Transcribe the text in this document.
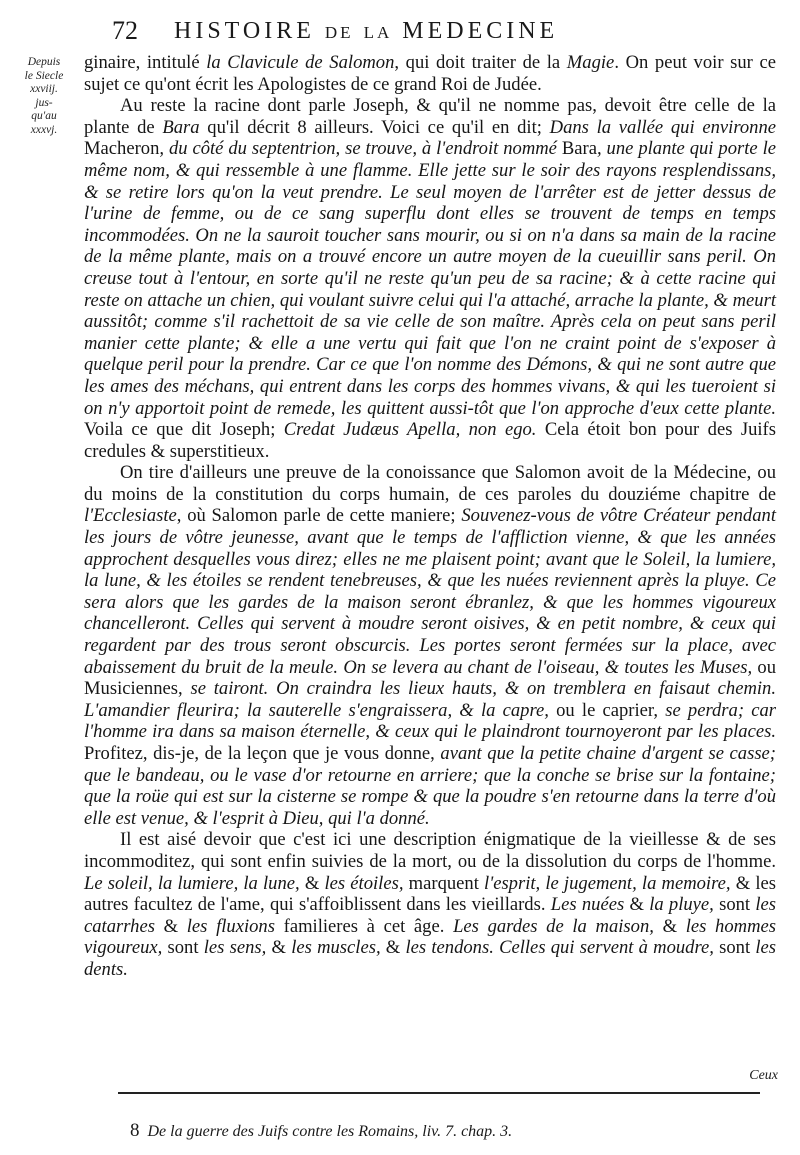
72 HISTOIRE DE LA MEDECINE
Depuis
le Siecle
xxviij.
jus-
qu'au
xxxvj.

ginaire, intitulé la Clavicule de Salomon, qui doit traiter de la Magie. On peut voir sur ce sujet ce qu'ont écrit les Apologistes de ce grand Roi de Judée.

Au reste la racine dont parle Joseph, & qu'il ne nomme pas, devoit être celle de la plante de Bara qu'il décrit 8 ailleurs. Voici ce qu'il en dit; Dans la vallée qui environne Macheron, du côté du septentrion, se trouve, à l'endroit nommé Bara, une plante qui porte le même nom, & qui ressemble à une flamme. Elle jette sur le soir des rayons resplendissans, & se retire lors qu'on la veut prendre. Le seul moyen de l'arrêter est de jetter dessus de l'urine de femme, ou de ce sang superflu dont elles se trouvent de temps en temps incommodées. On ne la sauroit toucher sans mourir, ou si on n'a dans sa main de la racine de la même plante, mais on a trouvé encore un autre moyen de la cueuillir sans peril. On creuse tout à l'entour, en sorte qu'il ne reste qu'un peu de sa racine; & à cette racine qui reste on attache un chien, qui voulant suivre celui qui l'a attaché, arrache la plante, & meurt aussitôt; comme s'il rachettoit de sa vie celle de son maître. Après cela on peut sans peril manier cette plante; & elle a une vertu qui fait que l'on ne craint point de s'exposer à quelque peril pour la prendre. Car ce que l'on nomme des Démons, & qui ne sont autre que les ames des méchans, qui entrent dans les corps des hommes vivans, & qui les tueroient si on n'y apportoit point de remede, les quittent aussi-tôt que l'on approche d'eux cette plante. Voila ce que dit Joseph; Credat Judæus Apella, non ego. Cela étoit bon pour des Juifs credules & superstitieux.

On tire d'ailleurs une preuve de la conoissance que Salomon avoit de la Médecine, ou du moins de la constitution du corps humain, de ces paroles du douziéme chapitre de l'Ecclesiaste, où Salomon parle de cette maniere; Souvenez-vous de vôtre Créateur pendant les jours de vôtre jeunesse, avant que le temps de l'affliction vienne, & que les années approchent desquelles vous direz; elles ne me plaisent point; avant que le Soleil, la lumiere, la lune, & les étoiles se rendent tenebreuses, & que les nuées reviennent après la pluye. Ce sera alors que les gardes de la maison seront ébranlez, & que les hommes vigoureux chancelleront. Celles qui servent à moudre seront oisives, & en petit nombre, & ceux qui regardent par des trous seront obscurcis. Les portes seront fermées sur la place, avec abaissement du bruit de la meule. On se levera au chant de l'oiseau, & toutes les Muses, ou Musiciennes, se tairont. On craindra les lieux hauts, & on tremblera en faisaut chemin. L'amandier fleurira; la sauterelle s'engraissera, & la capre, ou le caprier, se perdra; car l'homme ira dans sa maison éternelle, & ceux qui le plaindront tournoyeront par les places. Profitez, dis-je, de la leçon que je vous donne, avant que la petite chaine d'argent se casse; que le bandeau, ou le vase d'or retourne en arriere; que la conche se brise sur la fontaine; que la roüe qui est sur la cisterne se rompe & que la poudre s'en retourne dans la terre d'où elle est venue, & l'esprit à Dieu, qui l'a donné.

Il est aisé devoir que c'est ici une description énigmatique de la vieillesse & de ses incommoditez, qui sont enfin suivies de la mort, ou de la dissolution du corps de l'homme. Le soleil, la lumiere, la lune, & les étoiles, marquent l'esprit, le jugement, la memoire, & les autres facultez de l'ame, qui s'affoiblissent dans les vieillards. Les nuées & la pluye, sont les catarrhes & les fluxions familieres à cet âge. Les gardes de la maison, & les hommes vigoureux, sont les sens, & les muscles, & les tendons. Celles qui servent à moudre, sont les dents.

Ceux
8 De la guerre des Juifs contre les Romains, liv. 7. chap. 3.
